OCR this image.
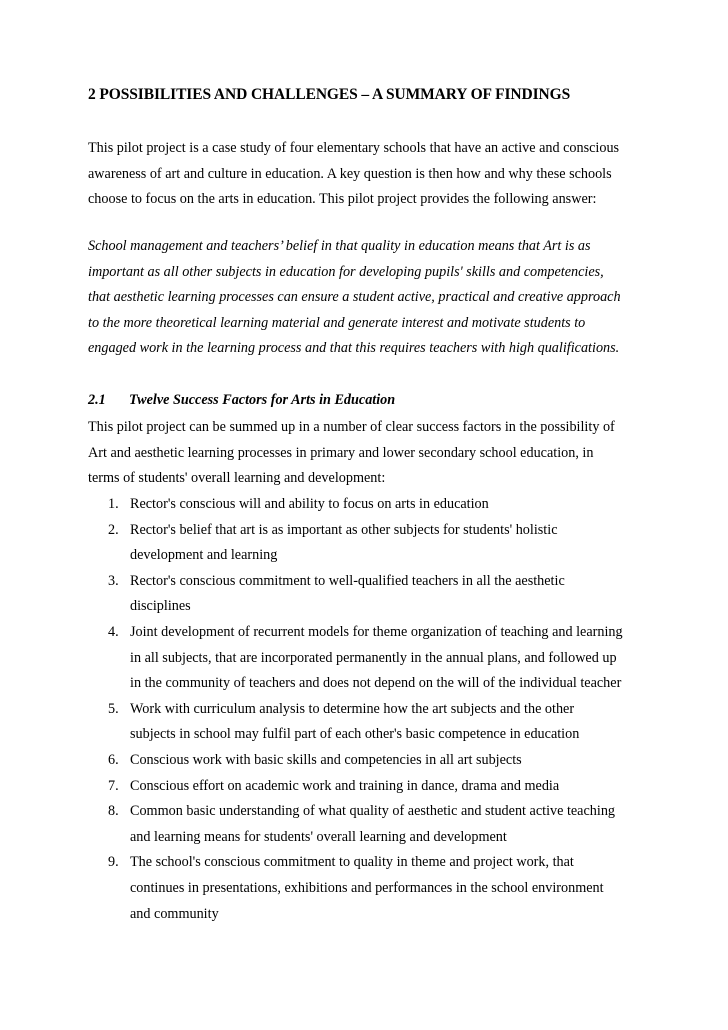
2 POSSIBILITIES AND CHALLENGES – A SUMMARY OF FINDINGS
This pilot project is a case study of four elementary schools that have an active and conscious
awareness of art and culture in education. A key question is then how and why these schools
choose to focus on the arts in education. This pilot project provides the following answer:
School management and teachers’ belief in that quality in education means that Art is as
important as all other subjects in education for developing pupils' skills and competencies,
that aesthetic learning processes can ensure a student active, practical and creative approach
to the more theoretical learning material and generate interest and motivate students to
engaged work in the learning process and that this requires teachers with high qualifications.
2.1 Twelve Success Factors for Arts in Education
This pilot project can be summed up in a number of clear success factors in the possibility of
Art and aesthetic learning processes in primary and lower secondary school education, in
terms of students' overall learning and development:
1. Rector's conscious will and ability to focus on arts in education
2. Rector's belief that art is as important as other subjects for students' holistic
development and learning
3. Rector's conscious commitment to well-qualified teachers in all the aesthetic
disciplines
4. Joint development of recurrent models for theme organization of teaching and learning
in all subjects, that are incorporated permanently in the annual plans, and followed up
in the community of teachers and does not depend on the will of the individual teacher
5. Work with curriculum analysis to determine how the art subjects and the other
subjects in school may fulfil part of each other's basic competence in education
6. Conscious work with basic skills and competencies in all art subjects
7. Conscious effort on academic work and training in dance, drama and media
8. Common basic understanding of what quality of aesthetic and student active teaching
and learning means for students' overall learning and development
9. The school's conscious commitment to quality in theme and project work, that
continues in presentations, exhibitions and performances in the school environment
and community
